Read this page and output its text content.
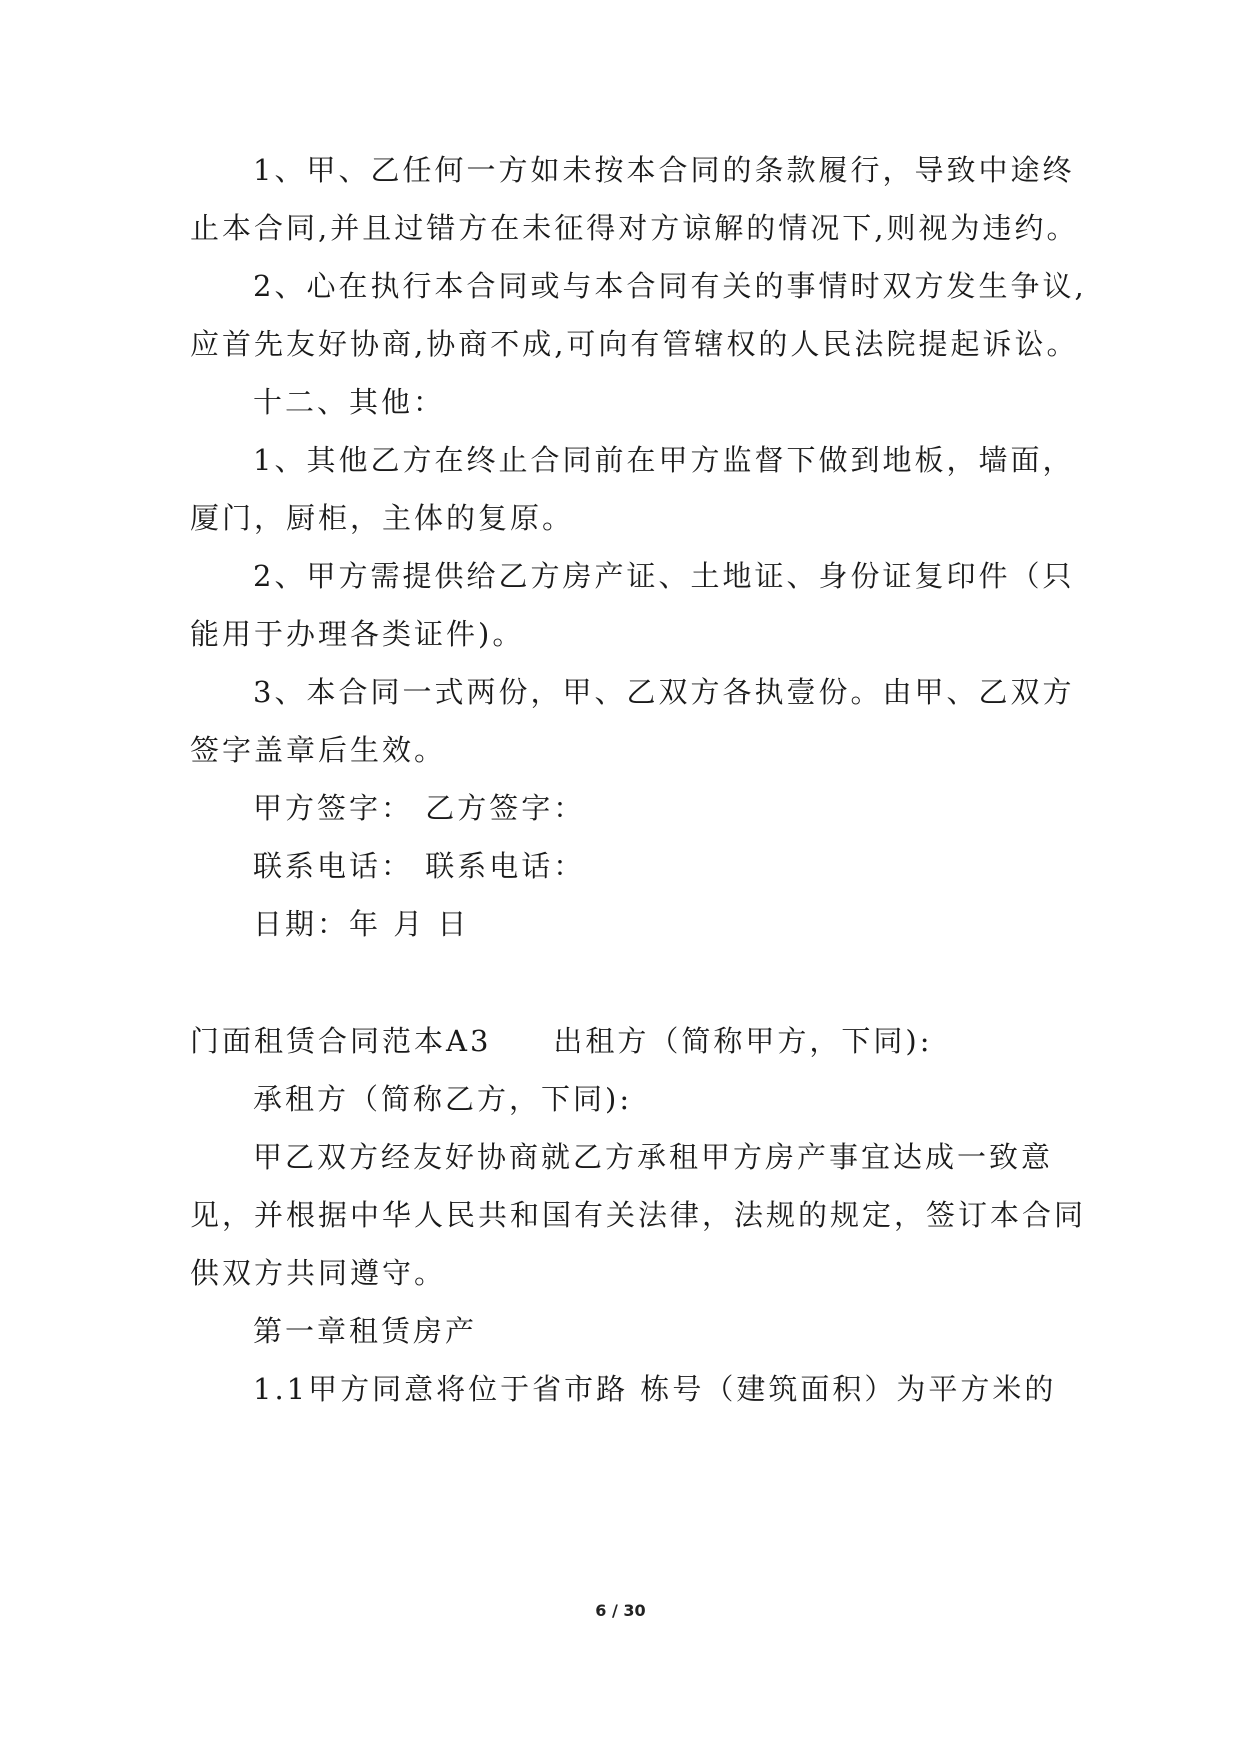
1、甲、乙任何一方如未按本合同的条款履行，导致中途终
止本合同,并且过错方在未征得对方谅解的情况下,则视为违约。
2、心在执行本合同或与本合同有关的事情时双方发生争议,
应首先友好协商,协商不成,可向有管辖权的人民法院提起诉讼。
十二、其他：
1、其他乙方在终止合同前在甲方监督下做到地板，墙面，
厦门，厨柜，主体的复原。
2、甲方需提供给乙方房产证、土地证、身份证复印件（只
能用于办理各类证件)。
3、本合同一式两份，甲、乙双方各执壹份。由甲、乙双方
签字盖章后生效。
甲方签字： 乙方签字：
联系电话： 联系电话：
日期：年 月 日
门面租赁合同范本A3 出租方（简称甲方，下同):
承租方（简称乙方，下同):
甲乙双方经友好协商就乙方承租甲方房产事宜达成一致意
见，并根据中华人民共和国有关法律，法规的规定，签订本合同
供双方共同遵守。
第一章租赁房产
1.1甲方同意将位于省市路 栋号（建筑面积）为平方米的
6 / 30
